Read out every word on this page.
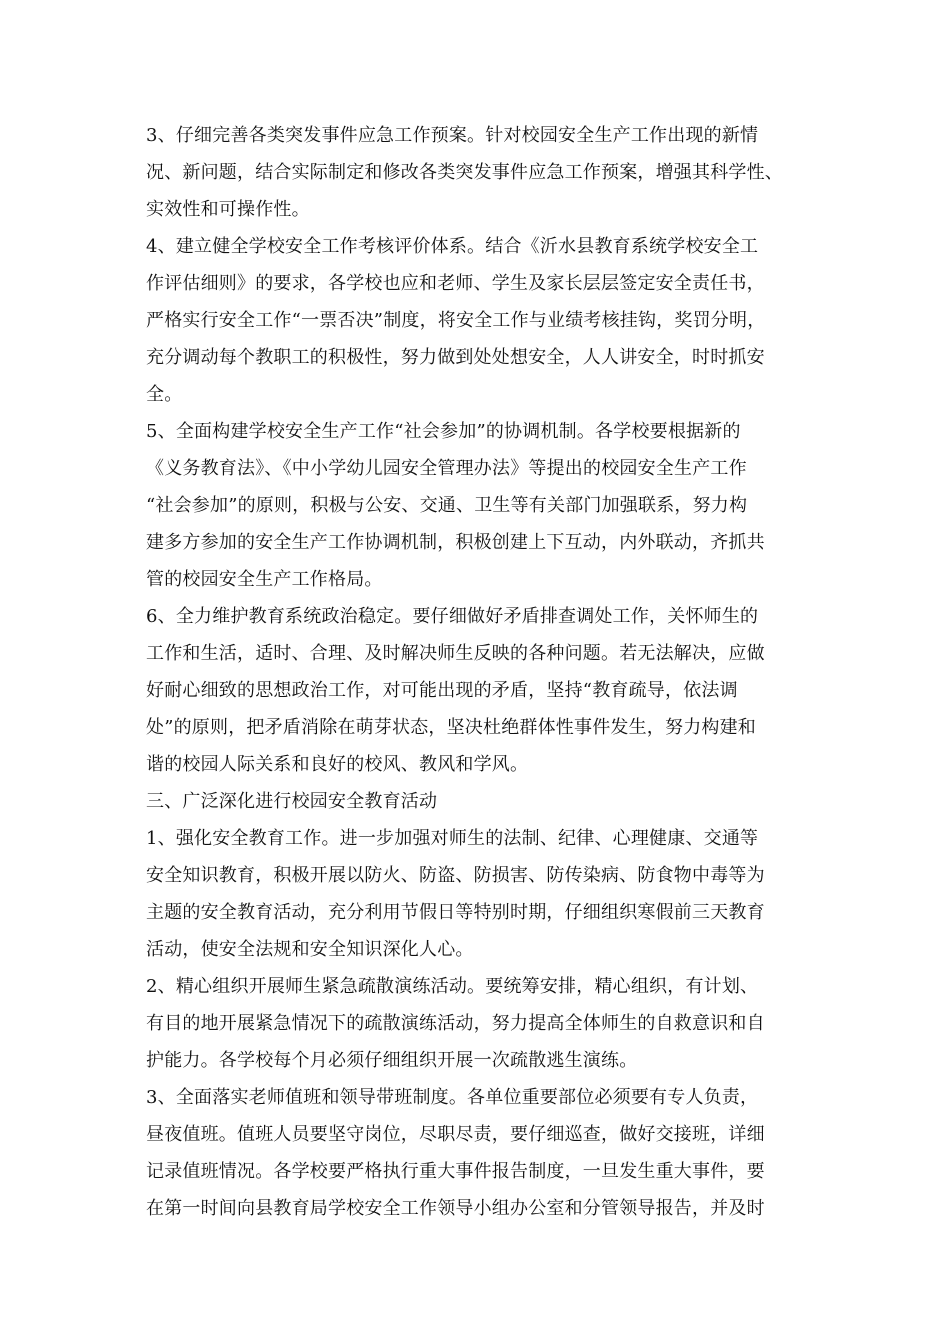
3、仔细完善各类突发事件应急工作预案。针对校园安全生产工作出现的新情
况、新问题，结合实际制定和修改各类突发事件应急工作预案，增强其科学性、
实效性和可操作性。
4、建立健全学校安全工作考核评价体系。结合《沂水县教育系统学校安全工
作评估细则》的要求，各学校也应和老师、学生及家长层层签定安全责任书，
严格实行安全工作“一票否决”制度，将安全工作与业绩考核挂钩，奖罚分明，
充分调动每个教职工的积极性，努力做到处处想安全，人人讲安全，时时抓安
全。
5、全面构建学校安全生产工作“社会参加”的协调机制。各学校要根据新的
《义务教育法》、《中小学幼儿园安全管理办法》等提出的校园安全生产工作
“社会参加”的原则，积极与公安、交通、卫生等有关部门加强联系，努力构
建多方参加的安全生产工作协调机制，积极创建上下互动，内外联动，齐抓共
管的校园安全生产工作格局。
6、全力维护教育系统政治稳定。要仔细做好矛盾排查调处工作，关怀师生的
工作和生活，适时、合理、及时解决师生反映的各种问题。若无法解决，应做
好耐心细致的思想政治工作，对可能出现的矛盾，坚持“教育疏导，依法调
处”的原则，把矛盾消除在萌芽状态，坚决杜绝群体性事件发生，努力构建和
谐的校园人际关系和良好的校风、教风和学风。
三、广泛深化进行校园安全教育活动
1、强化安全教育工作。进一步加强对师生的法制、纪律、心理健康、交通等
安全知识教育，积极开展以防火、防盗、防损害、防传染病、防食物中毒等为
主题的安全教育活动，充分利用节假日等特别时期，仔细组织寒假前三天教育
活动，使安全法规和安全知识深化人心。
2、精心组织开展师生紧急疏散演练活动。要统筹安排，精心组织，有计划、
有目的地开展紧急情况下的疏散演练活动，努力提高全体师生的自救意识和自
护能力。各学校每个月必须仔细组织开展一次疏散逃生演练。
3、全面落实老师值班和领导带班制度。各单位重要部位必须要有专人负责，
昼夜值班。值班人员要坚守岗位，尽职尽责，要仔细巡查，做好交接班，详细
记录值班情况。各学校要严格执行重大事件报告制度，一旦发生重大事件，要
在第一时间向县教育局学校安全工作领导小组办公室和分管领导报告，并及时
